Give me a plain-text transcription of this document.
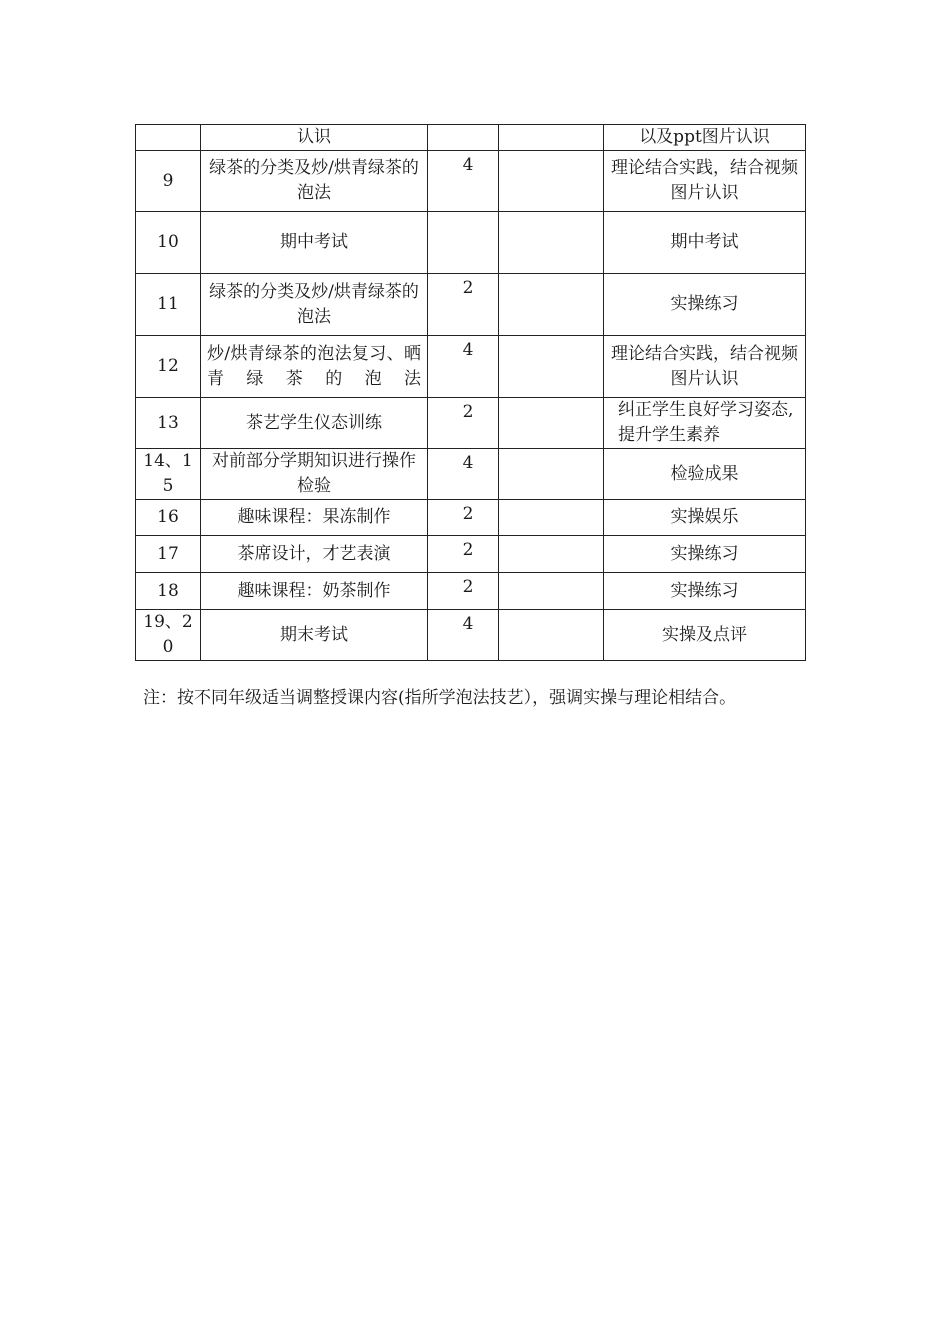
	认识			以及ppt图片认识
9	绿茶的分类及炒/烘青绿茶的泡法	4		理论结合实践，结合视频图片认识
10	期中考试			期中考试
11	绿茶的分类及炒/烘青绿茶的泡法	2		实操练习
12	炒/烘青绿茶的泡法复习、晒青绿茶的泡法	4		理论结合实践，结合视频图片认识
13	茶艺学生仪态训练	2		纠正学生良好学习姿态,提升学生素养
14、15	对前部分学期知识进行操作检验	4		检验成果
16	趣味课程：果冻制作	2		实操娱乐
17	茶席设计，才艺表演	2		实操练习
18	趣味课程：奶茶制作	2		实操练习
19、20	期末考试	4		实操及点评
注：按不同年级适当调整授课内容(指所学泡法技艺），强调实操与理论相结合。
